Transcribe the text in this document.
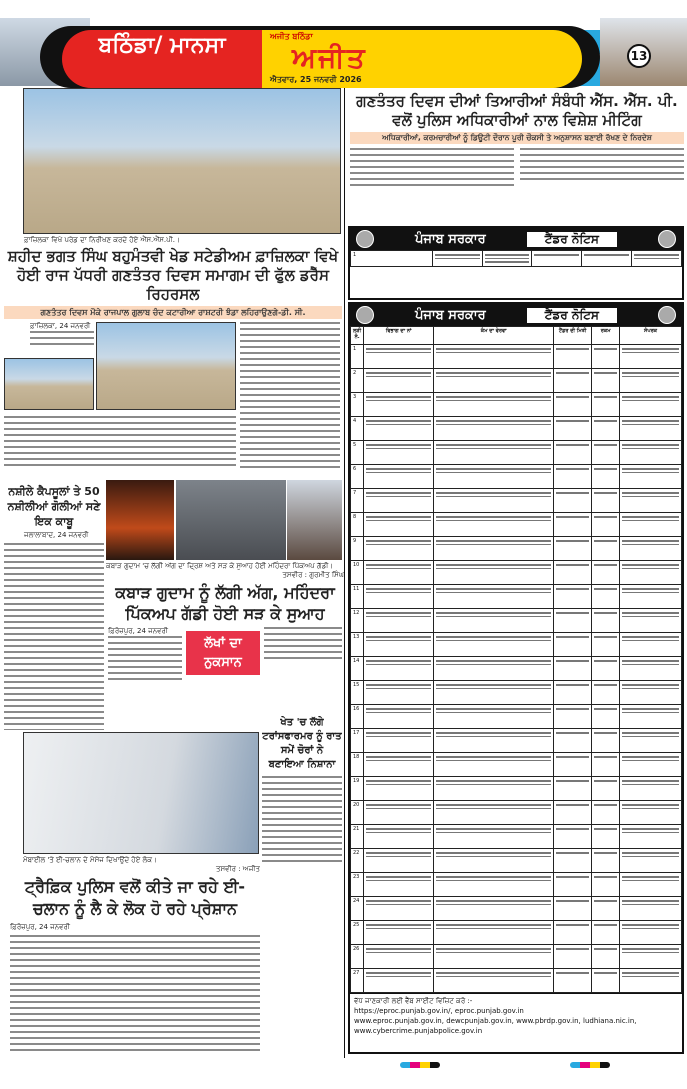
ਬਠਿੰਡਾ/ ਮਾਨਸਾ	ਅਜੀਤ ਬਠਿੰਡਾ
ਅਜੀਤ
ਐਤਵਾਰ, 25 ਜਨਵਰੀ 2026
13
ਫ਼ਾਜ਼ਿਲਕਾ ਵਿਖੇ ਪਰੇਡ ਦਾ ਨਿਰੀਖਣ ਕਰਦੇ ਹੋਏ ਐੱਸ.ਐੱਸ.ਪੀ.।
ਸ਼ਹੀਦ ਭਗਤ ਸਿੰਘ ਬਹੁਮੰਤਵੀ ਖੇਡ ਸਟੇਡੀਅਮ ਫ਼ਾਜ਼ਿਲਕਾ ਵਿਖੇ ਹੋਈ ਰਾਜ ਪੱਧਰੀ ਗਣਤੰਤਰ ਦਿਵਸ ਸਮਾਗਮ ਦੀ ਫੁੱਲ ਡਰੈੱਸ ਰਿਹਰਸਲ
ਗਣਤੰਤਰ ਦਿਵਸ ਮੌਕੇ ਰਾਜਪਾਲ ਗੁਲਾਬ ਚੰਦ ਕਟਾਰੀਆ ਰਾਸ਼ਟਰੀ ਝੰਡਾ ਲਹਿਰਾਉਣਗੇ-ਡੀ. ਸੀ.
ਫ਼ਾਜ਼ਿਲਕਾ, 24 ਜਨਵਰੀ
ਨਸ਼ੀਲੇ ਕੈਪਸੂਲਾਂ ਤੇ 50 ਨਸ਼ੀਲੀਆਂ ਗੋਲੀਆਂ ਸਣੇ ਇਕ ਕਾਬੂ
ਜਲਾਲਾਬਾਦ, 24 ਜਨਵਰੀ
ਕਬਾੜ ਗੁਦਾਮ 'ਚ ਲੱਗੀ ਅੱਗ ਦਾ ਦ੍ਰਿਸ਼ ਅਤੇ ਸੜ ਕੇ ਸੁਆਹ ਹੋਈ ਮਹਿੰਦਰਾ ਪਿੱਕਅਪ ਗੱਡੀ।
ਤਸਵੀਰ : ਗੁਰਮੀਤ ਸਿੰਘ
ਕਬਾੜ ਗੁਦਾਮ ਨੂੰ ਲੱਗੀ ਅੱਗ, ਮਹਿੰਦਰਾ ਪਿੱਕਅਪ ਗੱਡੀ ਹੋਈ ਸੜ ਕੇ ਸੁਆਹ
ਫ਼ਿਰੋਜ਼ਪੁਰ, 24 ਜਨਵਰੀ
ਲੱਖਾਂ ਦਾ ਨੁਕਸਾਨ
ਖੇਤ 'ਚ ਲੱਗੇ ਟਰਾਂਸਫਾਰਮਰ ਨੂੰ ਰਾਤ ਸਮੇਂ ਚੋਰਾਂ ਨੇ ਬਣਾਇਆ ਨਿਸ਼ਾਨਾ
ਮੋਬਾਈਲ 'ਤੇ ਈ-ਚਲਾਨ ਦੇ ਮੈਸੇਜ ਦਿਖਾਉਂਦੇ ਹੋਏ ਲੋਕ।
ਤਸਵੀਰ : ਅਜੀਤ
ਟ੍ਰੈਫ਼ਿਕ ਪੁਲਿਸ ਵਲੋਂ ਕੀਤੇ ਜਾ ਰਹੇ ਈ-ਚਲਾਨ ਨੂੰ ਲੈ ਕੇ ਲੋਕ ਹੋ ਰਹੇ ਪ੍ਰੇਸ਼ਾਨ
ਫ਼ਿਰੋਜ਼ਪੁਰ, 24 ਜਨਵਰੀ
ਗਣਤੰਤਰ ਦਿਵਸ ਦੀਆਂ ਤਿਆਰੀਆਂ ਸੰਬੰਧੀ ਐੱਸ. ਐੱਸ. ਪੀ. ਵਲੋਂ ਪੁਲਿਸ ਅਧਿਕਾਰੀਆਂ ਨਾਲ ਵਿਸ਼ੇਸ਼ ਮੀਟਿੰਗ
ਅਧਿਕਾਰੀਆਂ, ਕਰਮਚਾਰੀਆਂ ਨੂੰ ਡਿਊਟੀ ਦੌਰਾਨ ਪੂਰੀ ਚੌਕਸੀ ਤੇ ਅਨੁਸ਼ਾਸਨ ਬਣਾਈ ਰੱਖਣ ਦੇ ਨਿਰਦੇਸ਼
ਪੰਜਾਬ ਸਰਕਾਰ	ਟੈਂਡਰ ਨੋਟਿਸ
1	

ਪੰਜਾਬ ਸਰਕਾਰ	ਟੈਂਡਰ ਨੋਟਿਸ
ਲੜੀ ਨੰ.	ਵਿਭਾਗ ਦਾ ਨਾਂ	ਕੰਮ ਦਾ ਵੇਰਵਾ	ਟੈਂਡਰ ਦੀ ਮਿਤੀ	ਰਕਮ	ਸੰਪਰਕ
1	

2	

3	

4	

5	

6	

7	

8	

9	

10	

11	

12	

13	

14	

15	

16	

17	

18	

19	

20	

21	

22	

23	

24	

25	

26	

27	

ਵੱਧ ਜਾਣਕਾਰੀ ਲਈ ਵੈੱਬ ਸਾਈਟ ਵਿਜ਼ਿਟ ਕਰੋ :-
https://eproc.punjab.gov.in/, eproc.punjab.gov.in
www.eproc.punjab.gov.in, dewcpunjab.gov.in, www.pbrdp.gov.in, ludhiana.nic.in,
www.cybercrime.punjabpolice.gov.in
